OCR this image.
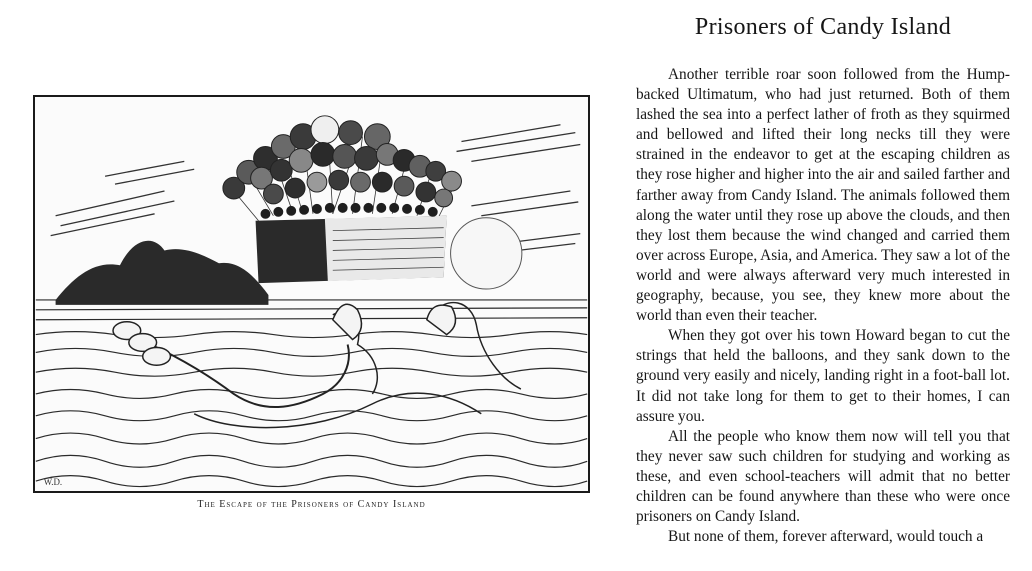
W.D.
The Escape of the Prisoners of Candy Island
Prisoners of Candy Island

Another terrible roar soon followed from the Hump-backed Ultimatum, who had just returned. Both of them lashed the sea into a perfect lather of froth as they squirmed and bellowed and lifted their long necks till they were strained in the endeavor to get at the escaping children as they rose higher and higher into the air and sailed farther and farther away from Candy Island. The animals followed them along the water until they rose up above the clouds, and then they lost them because the wind changed and carried them over across Europe, Asia, and America. They saw a lot of the world and were always afterward very much interested in geography, because, you see, they knew more about the world than even their teacher.

When they got over his town Howard began to cut the strings that held the balloons, and they sank down to the ground very easily and nicely, landing right in a foot-ball lot. It did not take long for them to get to their homes, I can assure you.

All the people who know them now will tell you that they never saw such children for studying and working as these, and even school-teachers will admit that no better children can be found anywhere than these who were once prisoners on Candy Island.

But none of them, forever afterward, would touch a
